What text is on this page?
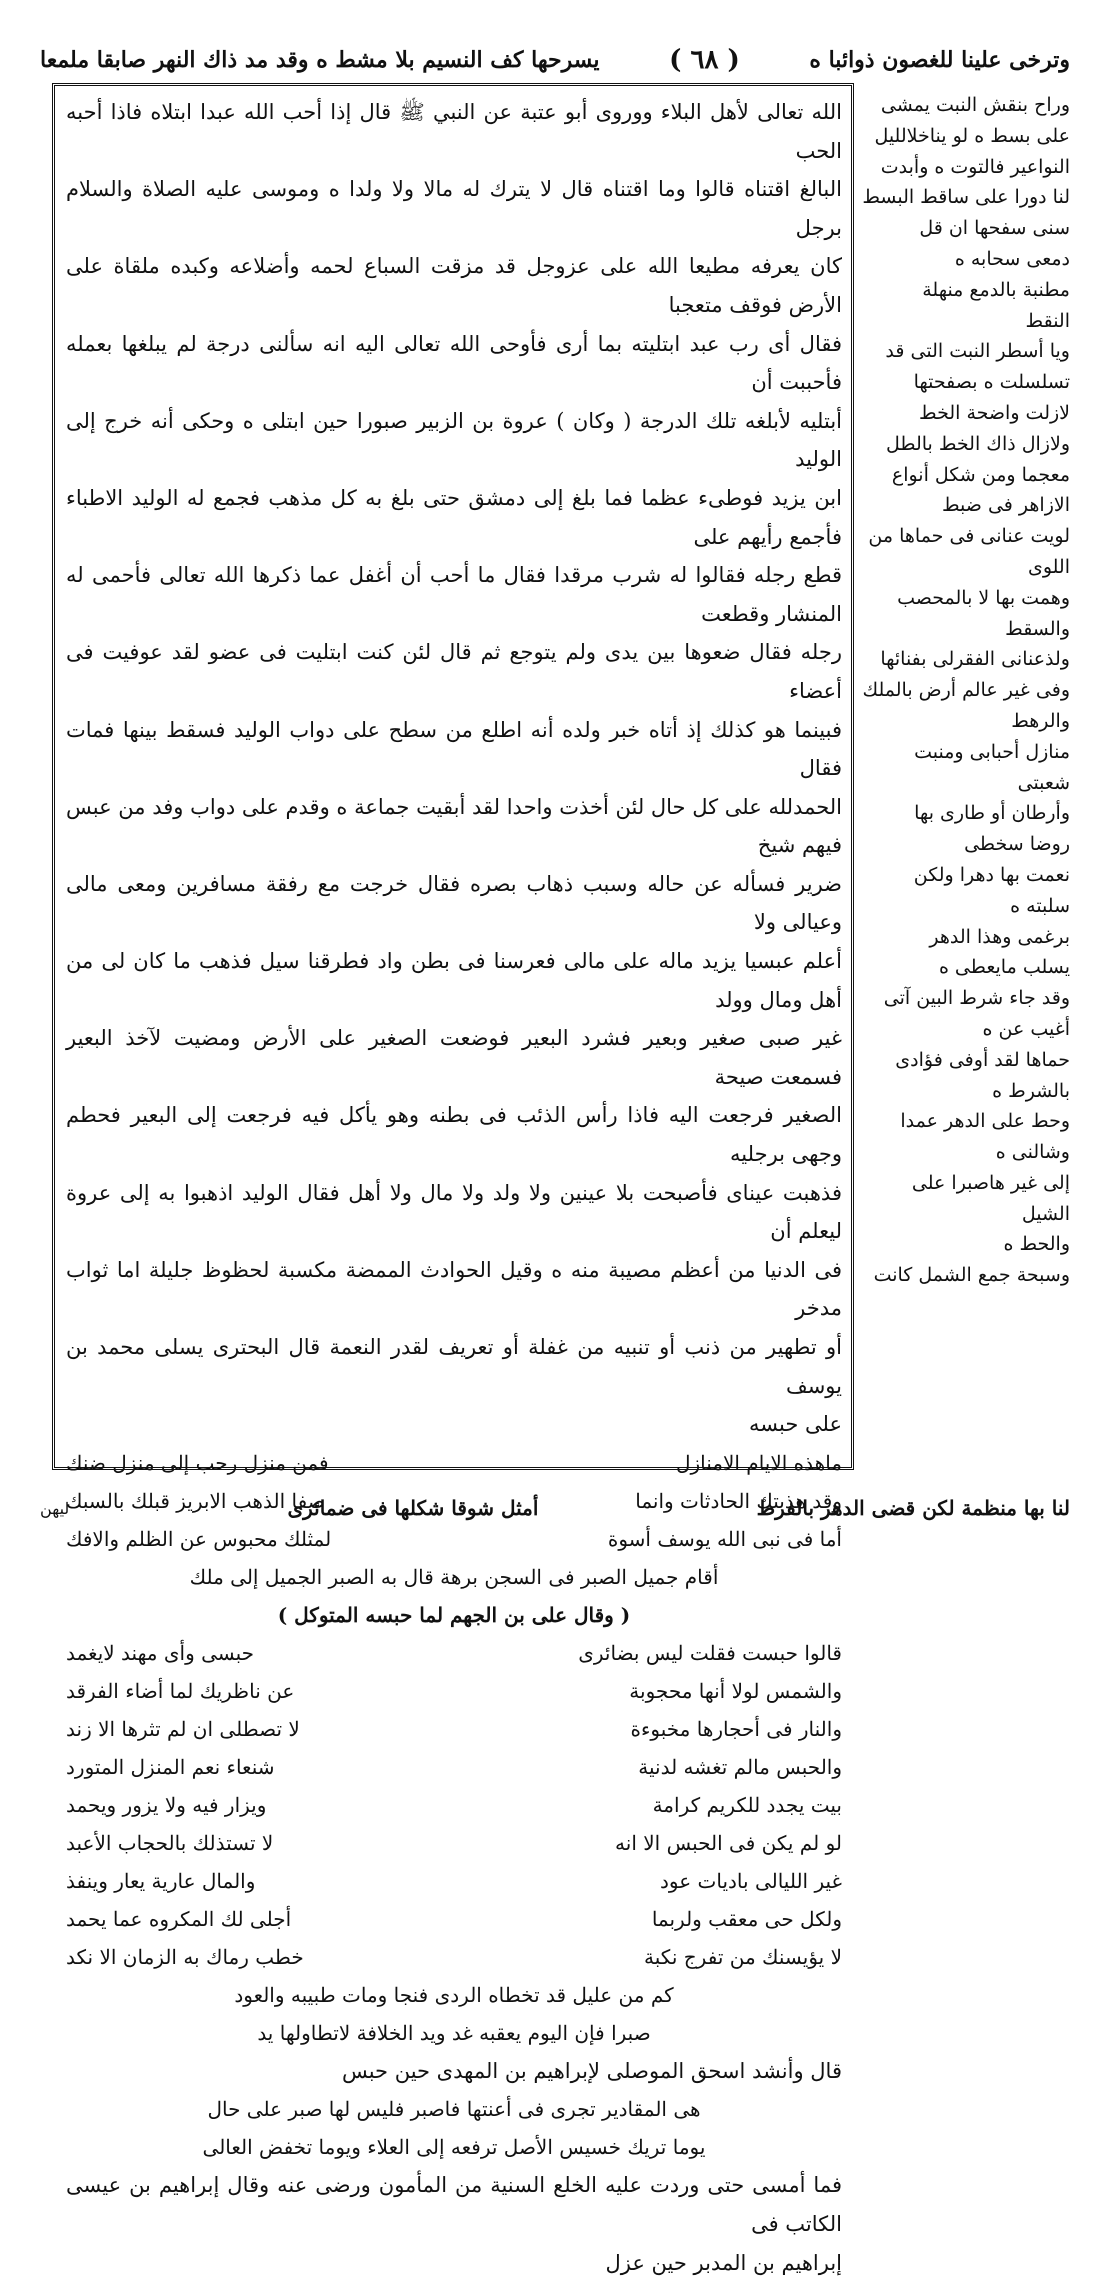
وترخى علينا للغصون ذوائبا ه
( ٦٨ )
يسرحها كف النسيم بلا مشط ه وقد مد ذاك النهر صابقا ملمعا

الله تعالى لأهل البلاء ووروى أبو عتبة عن النبي ﷺ قال إذا أحب الله عبدا ابتلاه فاذا أحبه الحب

البالغ اقتناه قالوا وما اقتناه قال لا يترك له مالا ولا ولدا ه وموسى عليه الصلاة والسلام برجل

كان يعرفه مطيعا الله على عزوجل قد مزقت السباع لحمه وأضلاعه وكبده ملقاة على الأرض فوقف متعجبا

فقال أى رب عبد ابتليته بما أرى فأوحى الله تعالى اليه انه سألنى درجة لم يبلغها بعمله فأحببت أن

أبتليه لأبلغه تلك الدرجة ( وكان ) عروة بن الزبير صبورا حين ابتلى ه وحكى أنه خرج إلى الوليد

ابن يزيد فوطىء عظما فما بلغ إلى دمشق حتى بلغ به كل مذهب فجمع له الوليد الاطباء فأجمع رأيهم على

قطع رجله فقالوا له شرب مرقدا فقال ما أحب أن أغفل عما ذكرها الله تعالى فأحمى له المنشار وقطعت

رجله فقال ضعوها بين يدى ولم يتوجع ثم قال لئن كنت ابتليت فى عضو لقد عوفيت فى أعضاء

فبينما هو كذلك إذ أتاه خبر ولده أنه اطلع من سطح على دواب الوليد فسقط بينها فمات فقال

الحمدلله على كل حال لئن أخذت واحدا لقد أبقيت جماعة ه وقدم على دواب وفد من عبس فيهم شيخ

ضرير فسأله عن حاله وسبب ذهاب بصره فقال خرجت مع رفقة مسافرين ومعى مالى وعيالى ولا

أعلم عبسيا يزيد ماله على مالى فعرسنا فى بطن واد فطرقنا سيل فذهب ما كان لى من أهل ومال وولد

غير صبى صغير وبعير فشرد البعير فوضعت الصغير على الأرض ومضيت لآخذ البعير فسمعت صيحة

الصغير فرجعت اليه فاذا رأس الذئب فى بطنه وهو يأكل فيه فرجعت إلى البعير فحطم وجهى برجليه

فذهبت عيناى فأصبحت بلا عينين ولا ولد ولا مال ولا أهل فقال الوليد اذهبوا به إلى عروة ليعلم أن

فى الدنيا من أعظم مصيبة منه ه وقيل الحوادث الممضة مكسبة لحظوظ جليلة اما ثواب مدخر

أو تطهير من ذنب أو تنبيه من غفلة أو تعريف لقدر النعمة قال البحترى يسلى محمد بن يوسف

على حبسه

ماهذه الايام الامنازل
فمن منزل رحب إلى منزل ضنك
وقد هذبتك الحادثات وانما
صفا الذهب الابريز قبلك بالسبك
أما فى نبى الله يوسف أسوة
لمثلك محبوس عن الظلم والافك
أقام جميل الصبر فى السجن برهة قال به الصبر الجميل إلى ملك
( وقال على بن الجهم لما حبسه المتوكل )
قالوا حبست فقلت ليس بضائرى
حبسى وأى مهند لايغمد
والشمس لولا أنها محجوبة
عن ناظريك لما أضاء الفرقد
والنار فى أحجارها مخبوءة
لا تصطلى ان لم تثرها الا زند
والحبس مالم تغشه لدنية
شنعاء نعم المنزل المتورد
بيت يجدد للكريم كرامة
ويزار فيه ولا يزور ويحمد
لو لم يكن فى الحبس الا انه
لا تستذلك بالحجاب الأعبد
غير الليالى باديات عود
والمال عارية يعار وينفذ
ولكل حى معقب ولربما
أجلى لك المكروه عما يحمد
لا يؤيسنك من تفرج نكبة
خطب رماك به الزمان الا نكد
كم من عليل قد تخطاه الردى فنجا ومات طبيبه والعود
صبرا فإن اليوم يعقبه غد ويد الخلافة لاتطاولها يد

قال وأنشد اسحق الموصلى لإبراهيم بن المهدى حين حبس

هى المقادير تجرى فى أعنتها فاصبر فليس لها صبر على حال
يوما تريك خسيس الأصل ترفعه إلى العلاء ويوما تخفض العالى

فما أمسى حتى وردت عليه الخلع السنية من المأمون ورضى عنه وقال إبراهيم بن عيسى الكاتب فى

إبراهيم بن المدبر حين عزل

وراح بنقش النبت يمشى

على بسط ه لو يناخلالليل

النواعير فالتوت ه وأبدت

لنا دورا على ساقط البسط

سنى سفحها ان قل

دمعى سحابه ه

مطنبة بالدمع منهلة

النقط

ويا أسطر النبت التى قد

تسلسلت ه بصفحتها

لازلت واضحة الخط

ولازال ذاك الخط بالطل

معجما ومن شكل أنواع

الازاهر فى ضبط

لويت عنانى فى حماها من

اللوى

وهمت بها لا بالمحصب

والسقط

ولذعنانى الفقرلى بفنائها

وفى غير عالم أرض بالملك

والرهط

منازل أحبابى ومنبت

شعبتى

وأرطان أو طارى بها

روضا سخطى

نعمت بها دهرا ولكن

سلبته ه

برغمى وهذا الدهر

يسلب مايعطى ه

وقد جاء شرط البين آتى

أغيب عن ه

حماها لقد أوفى فؤادى

بالشرط ه

وحط على الدهر عمدا

وشالنى ه

إلى غير هاصبرا على الشيل

والحط ه

وسبحة جمع الشمل كانت

لنا بها منظمة لكن قضى الدهر بالفرط
أمثل شوقا شكلها فى ضمائرى
ليهن
